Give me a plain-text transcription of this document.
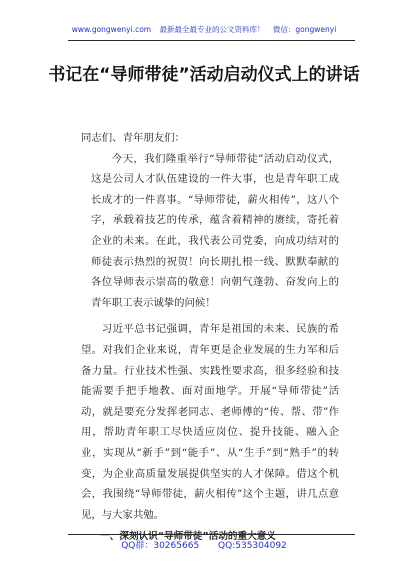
www.gongwenyi.com 最新最全最专业的公文资料库！ 微信：gongwenyi
书记在“导师带徒”活动启动仪式上的讲话

同志们、青年朋友们：

今天，我们隆重举行“导师带徒”活动启动仪式，这是公司人才队伍建设的一件大事，也是青年职工成长成才的一件喜事。“导师带徒，薪火相传”，这八个字，承载着技艺的传承，蕴含着精神的赓续，寄托着企业的未来。在此，我代表公司党委，向成功结对的师徒表示热烈的祝贺！向长期扎根一线、默默奉献的各位导师表示崇高的敬意！向朝气蓬勃、奋发向上的青年职工表示诚挚的问候！

习近平总书记强调，青年是祖国的未来、民族的希望。对我们企业来说，青年更是企业发展的生力军和后备力量。行业技术性强、实践性要求高，很多经验和技能需要手把手地教、面对面地学。开展“导师带徒”活动，就是要充分发挥老同志、老师傅的“传、帮、带”作用，帮助青年职工尽快适应岗位、提升技能、融入企业，实现从“新手”到“能手”、从“生手”到“熟手”的转变，为企业高质量发展提供坚实的人才保障。借这个机会，我围绕“导师带徒，薪火相传”这个主题，讲几点意见，与大家共勉。

一、深刻认识“导师带徒”活动的重大意义

QQ群：30265665 QQ:535304092
